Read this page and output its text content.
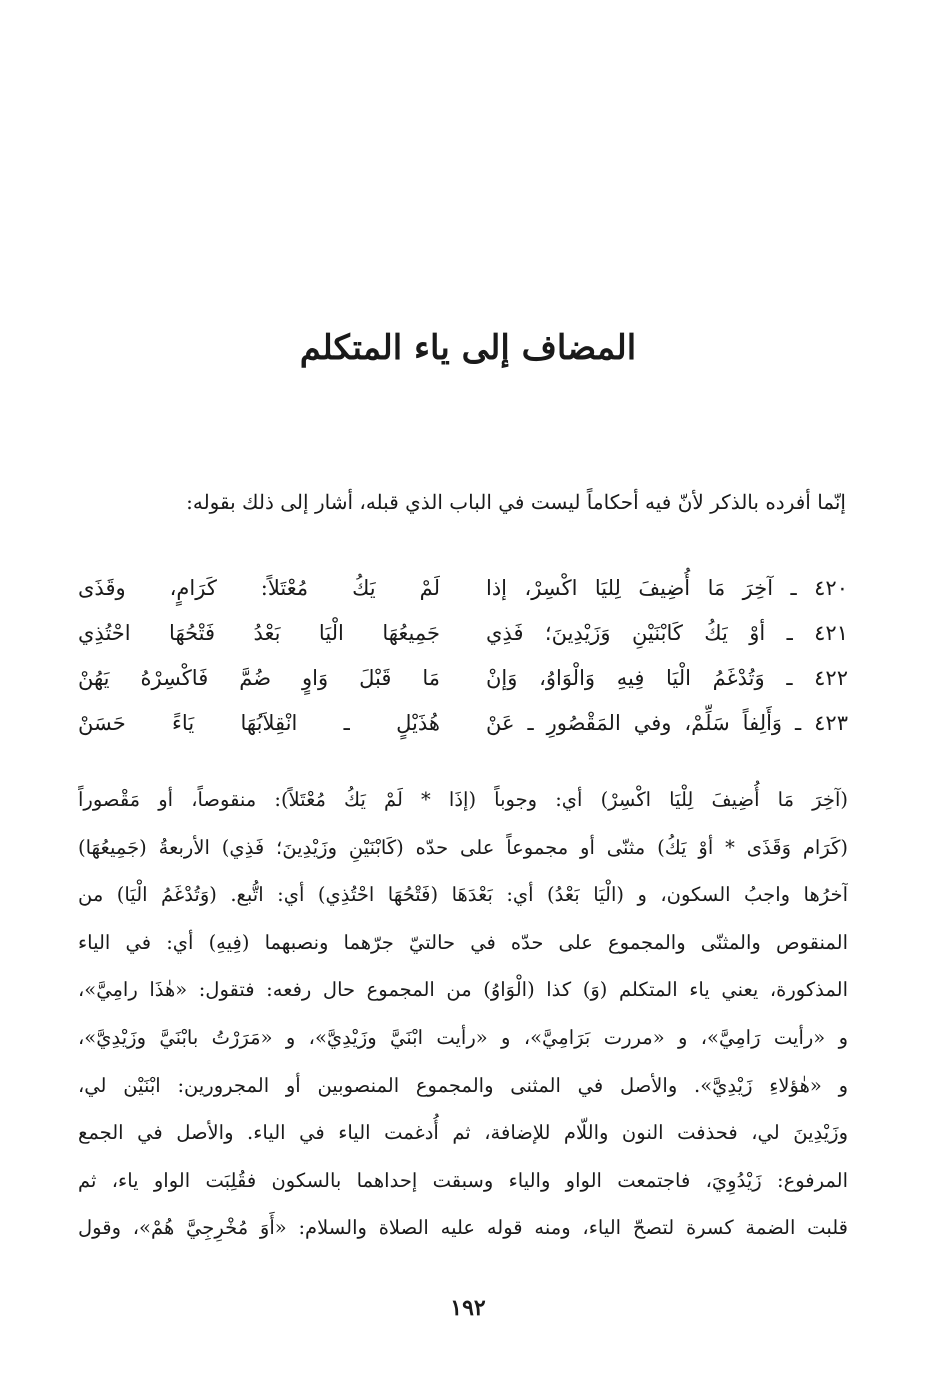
المضاف إلى ياء المتكلم

إنّما أفرده بالذكر لأنّ فيه أحكاماً ليست في الباب الذي قبله، أشار إلى ذلك بقوله:

٤٢٠ ـ آخِرَ مَا أُضِيفَ لِليَا اكْسِرْ، إذا
لَمْ يَكُ مُعْتَلاً: كَرَامٍ، وقَذَى
٤٢١ ـ أوْ يَكُ كَابْنَيْنِ وَزَيْدِينَ؛ فَذِي
جَمِيعُهَا الْيَا بَعْدُ فَتْحُهَا احْتُذِي
٤٢٢ ـ وَتُدْغَمُ الْيَا فِيهِ وَالْوَاوُ، وَإنْ
مَا قَبْلَ وَاوٍ ضُمَّ فَاكْسِرْهُ يَهُنْ
٤٢٣ ـ وَأَلِفاً سَلِّمْ، وفي المَقْصُورِ ـ عَنْ
هُذَيْلٍ ـ انْقِلاَبُهَا يَاءً حَسَنْ
(آخِرَ مَا أُضِيفَ لِلْيَا اكْسِرْ) أي: وجوباً (إذَا * لَمْ يَكُ مُعْتَلاً): منقوصاً، أو مَقْصوراً
(كَرَام وَقَذَى * أوْ يَكُ) مثنّى أو مجموعاً على حدّه (كَابْنَيْنِ وزَيْدِينَ؛ فَذِي) الأربعةُ (جَمِيعُهَا)
آخرُها واجبُ السكون، و (الْيَا بَعْدُ) أي: بَعْدَهَا (فَتْحُهَا احْتُذِي) أي: اتُّبع. (وَتُدْغَمُ الْيَا) من
المنقوص والمثنّى والمجموع على حدّه في حالتيّ جرّهما ونصبهما (فِيهِ) أي: في الياء
المذكورة، يعني ياء المتكلم (وَ) كذا (الْوَاوُ) من المجموع حال رفعه: فتقول: «هٰذَا رامِيَّ»،
و «رأيت رَامِيَّ»، و «مررت بَرَامِيَّ»، و «رأيت ابْنَيَّ وزَيْدِيَّ»، و «مَرَرْتُ بابْنَيَّ وزَيْدِيَّ»،
و «هٰؤلاءِ زَيْدِيَّ». والأصل في المثنى والمجموع المنصوبين أو المجرورين: ابْنَيْن لي،
وزَيْدِينَ لي، فحذفت النون واللّام للإضافة، ثم أُدغمت الياء في الياء. والأصل في الجمع
المرفوع: زَيْدُوِيَ، فاجتمعت الواو والياء وسبقت إحداهما بالسكون فقُلِبَت الواو ياء، ثم
قلبت الضمة كسرة لتصحّ الياء، ومنه قوله عليه الصلاة والسلام: «أَوَ مُخْرِجِيَّ هُمْ»، وقول
١٩٢
